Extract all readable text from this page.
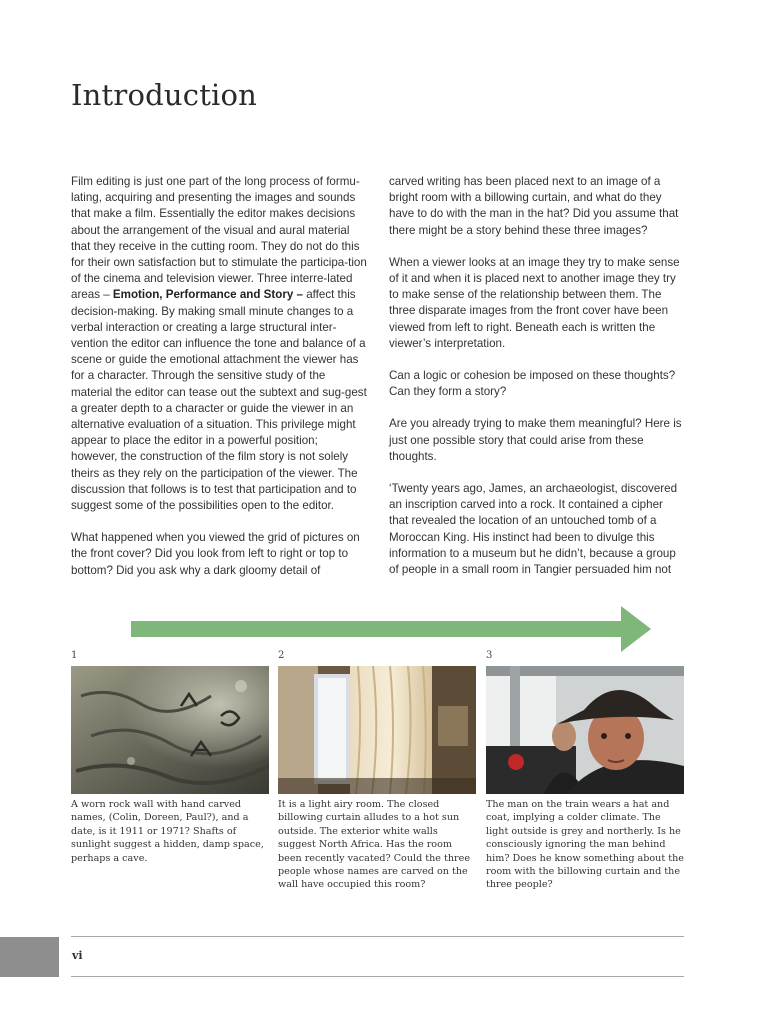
Introduction

Film editing is just one part of the long process of formu-lating, acquiring and presenting the images and sounds that make a film. Essentially the editor makes decisions about the arrangement of the visual and aural material that they receive in the cutting room. They do not do this for their own satisfaction but to stimulate the participa-tion of the cinema and television viewer. Three interre-lated areas – Emotion, Performance and Story – affect this decision-making. By making small minute changes to a verbal interaction or creating a large structural inter-vention the editor can influence the tone and balance of a scene or guide the emotional attachment the viewer has for a character. Through the sensitive study of the material the editor can tease out the subtext and sug-gest a greater depth to a character or guide the viewer in an alternative evaluation of a situation. This privilege might appear to place the editor in a powerful position; however, the construction of the film story is not solely theirs as they rely on the participation of the viewer. The discussion that follows is to test that participation and to suggest some of the possibilities open to the editor.

What happened when you viewed the grid of pictures on the front cover? Did you look from left to right or top to bottom? Did you ask why a dark gloomy detail of

carved writing has been placed next to an image of a bright room with a billowing curtain, and what do they have to do with the man in the hat? Did you assume that there might be a story behind these three images?

When a viewer looks at an image they try to make sense of it and when it is placed next to another image they try to make sense of the relationship between them. The three disparate images from the front cover have been viewed from left to right. Beneath each is written the viewer’s interpretation.

Can a logic or cohesion be imposed on these thoughts? Can they form a story?

Are you already trying to make them meaningful? Here is just one possible story that could arise from these thoughts.

‘Twenty years ago, James, an archaeologist, discovered an inscription carved into a rock. It contained a cipher that revealed the location of an untouched tomb of a Moroccan King. His instinct had been to divulge this information to a museum but he didn’t, because a group of people in a small room in Tangier persuaded him not

1
A worn rock wall with hand carved names, (Colin, Doreen, Paul?), and a date, is it 1911 or 1971? Shafts of sunlight suggest a hidden, damp space, perhaps a cave.
2
It is a light airy room. The closed billowing curtain alludes to a hot sun outside. The exterior white walls suggest North Africa. Has the room been recently vacated? Could the three people whose names are carved on the wall have occupied this room?
3
The man on the train wears a hat and coat, implying a colder climate. The light outside is grey and northerly. Is he consciously ignoring the man behind him? Does he know something about the room with the billowing curtain and the three people?
vi
